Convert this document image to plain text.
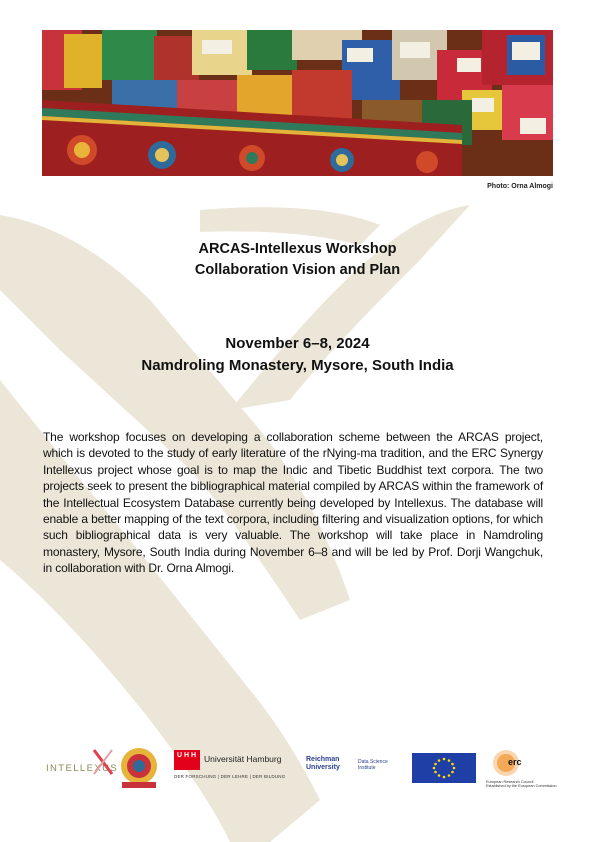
Photo: Orna Almogi
ARCAS-Intellexus Workshop
Collaboration Vision and Plan
November 6–8, 2024
Namdroling Monastery, Mysore, South India
The workshop focuses on developing a collaboration scheme between the ARCAS project, which is devoted to the study of early literature of the rNying-ma tradition, and the ERC Synergy Intellexus project whose goal is to map the Indic and Tibetic Buddhist text corpora. The two projects seek to present the bibliographical material compiled by ARCAS within the framework of the Intellectual Ecosystem Database currently being developed by Intellexus. The database will enable a better mapping of the text corpora, including filtering and visualization options, for which such bibliographical data is very valuable. The workshop will take place in Namdroling monastery, Mysore, South India during November 6–8 and will be led by Prof. Dorji Wangchuk, in collaboration with Dr. Orna Almogi.
INTELLEXUS
U H H Universität Hamburg
DER FORSCHUNG | DER LEHRE | DER BILDUNG
Reichman University
Data Science Institute
erc
European Research Council
Established by the European Commission
